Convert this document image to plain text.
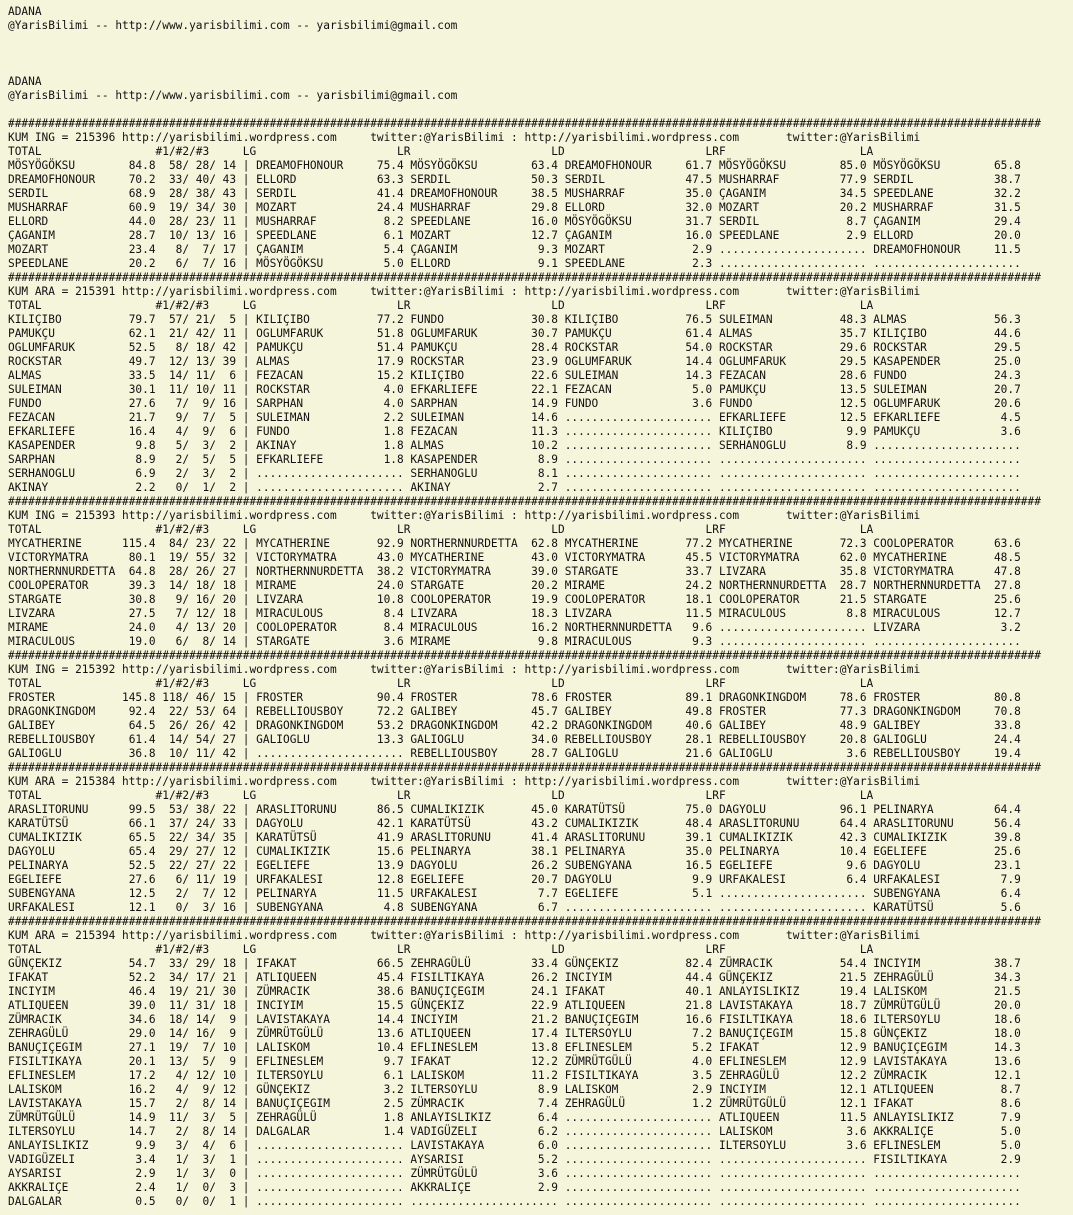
ADANA
@YarisBilimi -- http://www.yarisbilimi.com -- yarisbilimi@gmail.com
ADANA
@YarisBilimi -- http://www.yarisbilimi.com -- yarisbilimi@gmail.com
##########################################################################################################################################################
KUM ING = 215396 http://yarisbilimi.wordpress.com     twitter:@YarisBilimi : http://yarisbilimi.wordpress.com       twitter:@YarisBilimi
TOTAL                 #1/#2/#3     LG                     LR                     LD                     LRF                    LA
MÖSYÖGÖKSU        84.8  58/ 28/ 14 | DREAMOFHONOUR     75.4 MÖSYÖGÖKSU        63.4 DREAMOFHONOUR     61.7 MÖSYÖGÖKSU        85.0 MÖSYÖGÖKSU        65.8
DREAMOFHONOUR     70.2  33/ 40/ 43 | ELLORD            63.3 SERDIL            50.3 SERDIL            47.5 MUSHARRAF         77.9 SERDIL            38.7
SERDIL            68.9  28/ 38/ 43 | SERDIL            41.4 DREAMOFHONOUR     38.5 MUSHARRAF         35.0 ÇAGANIM           34.5 SPEEDLANE         32.2
MUSHARRAF         60.9  19/ 34/ 30 | MOZART            24.4 MUSHARRAF         29.8 ELLORD            32.0 MOZART            20.2 MUSHARRAF         31.5
ELLORD            44.0  28/ 23/ 11 | MUSHARRAF          8.2 SPEEDLANE         16.0 MÖSYÖGÖKSU        31.7 SERDIL             8.7 ÇAGANIM           29.4
ÇAGANIM           28.7  10/ 13/ 16 | SPEEDLANE          6.1 MOZART            12.7 ÇAGANIM           16.0 SPEEDLANE          2.9 ELLORD            20.0
MOZART            23.4   8/  7/ 17 | ÇAGANIM            5.4 ÇAGANIM            9.3 MOZART             2.9 ...................... DREAMOFHONOUR     11.5
SPEEDLANE         20.2   6/  7/ 16 | MÖSYÖGÖKSU         5.0 ELLORD             9.1 SPEEDLANE          2.3 ...................... ......................
##########################################################################################################################################################
KUM ARA = 215391 http://yarisbilimi.wordpress.com     twitter:@YarisBilimi : http://yarisbilimi.wordpress.com       twitter:@YarisBilimi
TOTAL                 #1/#2/#3     LG                     LR                     LD                     LRF                    LA
KILIÇIBO          79.7  57/ 21/  5 | KILIÇIBO          77.2 FUNDO             30.8 KILIÇIBO          76.5 SULEIMAN          48.3 ALMAS             56.3
PAMUKÇU           62.1  21/ 42/ 11 | OGLUMFARUK        51.8 OGLUMFARUK        30.7 PAMUKÇU           61.4 ALMAS             35.7 KILIÇIBO          44.6
OGLUMFARUK        52.5   8/ 18/ 42 | PAMUKÇU           51.4 PAMUKÇU           28.4 ROCKSTAR          54.0 ROCKSTAR          29.6 ROCKSTAR          29.5
ROCKSTAR          49.7  12/ 13/ 39 | ALMAS             17.9 ROCKSTAR          23.9 OGLUMFARUK        14.4 OGLUMFARUK        29.5 KASAPENDER        25.0
ALMAS             33.5  14/ 11/  6 | FEZACAN           15.2 KILIÇIBO          22.6 SULEIMAN          14.3 FEZACAN           28.6 FUNDO             24.3
SULEIMAN          30.1  11/ 10/ 11 | ROCKSTAR           4.0 EFKARLIEFE        22.1 FEZACAN            5.0 PAMUKÇU           13.5 SULEIMAN          20.7
FUNDO             27.6   7/  9/ 16 | SARPHAN            4.0 SARPHAN           14.9 FUNDO              3.6 FUNDO             12.5 OGLUMFARUK        20.6
FEZACAN           21.7   9/  7/  5 | SULEIMAN           2.2 SULEIMAN          14.6 ...................... EFKARLIEFE        12.5 EFKARLIEFE         4.5
EFKARLIEFE        16.4   4/  9/  6 | FUNDO              1.8 FEZACAN           11.3 ...................... KILIÇIBO           9.9 PAMUKÇU            3.6
KASAPENDER         9.8   5/  3/  2 | AKINAY             1.8 ALMAS             10.2 ...................... SERHANOGLU         8.9 ......................
SARPHAN            8.9   2/  5/  5 | EFKARLIEFE         1.8 KASAPENDER         8.9 ...................... ...................... ......................
SERHANOGLU         6.9   2/  3/  2 | ...................... SERHANOGLU         8.1 ...................... ...................... ......................
AKINAY             2.2   0/  1/  2 | ...................... AKINAY             2.7 ...................... ...................... ......................
##########################################################################################################################################################
KUM ING = 215393 http://yarisbilimi.wordpress.com     twitter:@YarisBilimi : http://yarisbilimi.wordpress.com       twitter:@YarisBilimi
TOTAL                 #1/#2/#3     LG                     LR                     LD                     LRF                    LA
MYCATHERINE      115.4  84/ 23/ 22 | MYCATHERINE       92.9 NORTHERNNURDETTA  62.8 MYCATHERINE       77.2 MYCATHERINE       72.3 COOLOPERATOR      63.6
VICTORYMATRA      80.1  19/ 55/ 32 | VICTORYMATRA      43.0 MYCATHERINE       43.0 VICTORYMATRA      45.5 VICTORYMATRA      62.0 MYCATHERINE       48.5
NORTHERNNURDETTA  64.8  28/ 26/ 27 | NORTHERNNURDETTA  38.2 VICTORYMATRA      39.0 STARGATE          33.7 LIVZARA           35.8 VICTORYMATRA      47.8
COOLOPERATOR      39.3  14/ 18/ 18 | MIRAME            24.0 STARGATE          20.2 MIRAME            24.2 NORTHERNNURDETTA  28.7 NORTHERNNURDETTA  27.8
STARGATE          30.8   9/ 16/ 20 | LIVZARA           10.8 COOLOPERATOR      19.9 COOLOPERATOR      18.1 COOLOPERATOR      21.5 STARGATE          25.6
LIVZARA           27.5   7/ 12/ 18 | MIRACULOUS         8.4 LIVZARA           18.3 LIVZARA           11.5 MIRACULOUS         8.8 MIRACULOUS        12.7
MIRAME            24.0   4/ 13/ 20 | COOLOPERATOR       8.4 MIRACULOUS        16.2 NORTHERNNURDETTA   9.6 ...................... LIVZARA            3.2
MIRACULOUS        19.0   6/  8/ 14 | STARGATE           3.6 MIRAME             9.8 MIRACULOUS         9.3 ...................... ......................
##########################################################################################################################################################
KUM ING = 215392 http://yarisbilimi.wordpress.com     twitter:@YarisBilimi : http://yarisbilimi.wordpress.com       twitter:@YarisBilimi
TOTAL                 #1/#2/#3     LG                     LR                     LD                     LRF                    LA
FROSTER          145.8 118/ 46/ 15 | FROSTER           90.4 FROSTER           78.6 FROSTER           89.1 DRAGONKINGDOM     78.6 FROSTER           80.8
DRAGONKINGDOM     92.4  22/ 53/ 64 | REBELLIOUSBOY     72.2 GALIBEY           45.7 GALIBEY           49.8 FROSTER           77.3 DRAGONKINGDOM     70.8
GALIBEY           64.5  26/ 26/ 42 | DRAGONKINGDOM     53.2 DRAGONKINGDOM     42.2 DRAGONKINGDOM     40.6 GALIBEY           48.9 GALIBEY           33.8
REBELLIOUSBOY     61.4  14/ 54/ 27 | GALIOGLU          13.3 GALIOGLU          34.0 REBELLIOUSBOY     28.1 REBELLIOUSBOY     20.8 GALIOGLU          24.4
GALIOGLU          36.8  10/ 11/ 42 | ...................... REBELLIOUSBOY     28.7 GALIOGLU          21.6 GALIOGLU           3.6 REBELLIOUSBOY     19.4
##########################################################################################################################################################
KUM ARA = 215384 http://yarisbilimi.wordpress.com     twitter:@YarisBilimi : http://yarisbilimi.wordpress.com       twitter:@YarisBilimi
TOTAL                 #1/#2/#3     LG                     LR                     LD                     LRF                    LA
ARASLITORUNU      99.5  53/ 38/ 22 | ARASLITORUNU      86.5 CUMALIKIZIK       45.0 KARATÜTSÜ         75.0 DAGYOLU           96.1 PELINARYA         64.4
KARATÜTSÜ         66.1  37/ 24/ 33 | DAGYOLU           42.1 KARATÜTSÜ         43.2 CUMALIKIZIK       48.4 ARASLITORUNU      64.4 ARASLITORUNU      56.4
CUMALIKIZIK       65.5  22/ 34/ 35 | KARATÜTSÜ         41.9 ARASLITORUNU      41.4 ARASLITORUNU      39.1 CUMALIKIZIK       42.3 CUMALIKIZIK       39.8
DAGYOLU           65.4  29/ 27/ 12 | CUMALIKIZIK       15.6 PELINARYA         38.1 PELINARYA         35.0 PELINARYA         10.4 EGELIEFE          25.6
PELINARYA         52.5  22/ 27/ 22 | EGELIEFE          13.9 DAGYOLU           26.2 SUBENGYANA        16.5 EGELIEFE           9.6 DAGYOLU           23.1
EGELIEFE          27.6   6/ 11/ 19 | URFAKALESI        12.8 EGELIEFE          20.7 DAGYOLU            9.9 URFAKALESI         6.4 URFAKALESI         7.9
SUBENGYANA        12.5   2/  7/ 12 | PELINARYA         11.5 URFAKALESI         7.7 EGELIEFE           5.1 ...................... SUBENGYANA         6.4
URFAKALESI        12.1   0/  3/ 16 | SUBENGYANA         4.8 SUBENGYANA         6.7 ...................... ...................... KARATÜTSÜ          5.6
##########################################################################################################################################################
KUM ARA = 215394 http://yarisbilimi.wordpress.com     twitter:@YarisBilimi : http://yarisbilimi.wordpress.com       twitter:@YarisBilimi
TOTAL                 #1/#2/#3     LG                     LR                     LD                     LRF                    LA
GÜNÇEKIZ          54.7  33/ 29/ 18 | IFAKAT            66.5 ZEHRAGÜLÜ         33.4 GÜNÇEKIZ          82.4 ZÜMRACIK          54.4 INCIYIM           38.7
IFAKAT            52.2  34/ 17/ 21 | ATLIQUEEN         45.4 FISILTIKAYA       26.2 INCIYIM           44.4 GÜNÇEKIZ          21.5 ZEHRAGÜLÜ         34.3
INCIYIM           46.4  19/ 21/ 30 | ZÜMRACIK          38.6 BANUÇIÇEGIM       24.1 IFAKAT            40.1 ANLAYISLIKIZ      19.4 LALISKOM          21.5
ATLIQUEEN         39.0  11/ 31/ 18 | INCIYIM           15.5 GÜNÇEKIZ          22.9 ATLIQUEEN         21.8 LAVISTAKAYA       18.7 ZÜMRÜTGÜLÜ        20.0
ZÜMRACIK          34.6  18/ 14/  9 | LAVISTAKAYA       14.4 INCIYIM           21.2 BANUÇIÇEGIM       16.6 FISILTIKAYA       18.6 ILTERSOYLU        18.6
ZEHRAGÜLÜ         29.0  14/ 16/  9 | ZÜMRÜTGÜLÜ        13.6 ATLIQUEEN         17.4 ILTERSOYLU         7.2 BANUÇIÇEGIM       15.8 GÜNÇEKIZ          18.0
BANUÇIÇEGIM       27.1  19/  7/ 10 | LALISKOM          10.4 EFLINESLEM        13.8 EFLINESLEM         5.2 IFAKAT            12.9 BANUÇIÇEGIM       14.3
FISILTIKAYA       20.1  13/  5/  9 | EFLINESLEM         9.7 IFAKAT            12.2 ZÜMRÜTGÜLÜ         4.0 EFLINESLEM        12.9 LAVISTAKAYA       13.6
EFLINESLEM        17.2   4/ 12/ 10 | ILTERSOYLU         6.1 LALISKOM          11.2 FISILTIKAYA        3.5 ZEHRAGÜLÜ         12.2 ZÜMRACIK          12.1
LALISKOM          16.2   4/  9/ 12 | GÜNÇEKIZ           3.2 ILTERSOYLU         8.9 LALISKOM           2.9 INCIYIM           12.1 ATLIQUEEN          8.7
LAVISTAKAYA       15.7   2/  8/ 14 | BANUÇIÇEGIM        2.5 ZÜMRACIK           7.4 ZEHRAGÜLÜ          1.2 ZÜMRÜTGÜLÜ        12.1 IFAKAT             8.6
ZÜMRÜTGÜLÜ        14.9  11/  3/  5 | ZEHRAGÜLÜ          1.8 ANLAYISLIKIZ       6.4 ...................... ATLIQUEEN         11.5 ANLAYISLIKIZ       7.9
ILTERSOYLU        14.7   2/  8/ 14 | DALGALAR           1.4 VADIGÜZELI         6.2 ...................... LALISKOM           3.6 AKKRALIÇE          5.0
ANLAYISLIKIZ       9.9   3/  4/  6 | ...................... LAVISTAKAYA        6.0 ...................... ILTERSOYLU         3.6 EFLINESLEM         5.0
VADIGÜZELI         3.4   1/  3/  1 | ...................... AYSARISI           5.2 ...................... ...................... FISILTIKAYA        2.9
AYSARISI           2.9   1/  3/  0 | ...................... ZÜMRÜTGÜLÜ         3.6 ...................... ...................... ......................
AKKRALIÇE          2.4   1/  0/  3 | ...................... AKKRALIÇE          2.9 ...................... ...................... ......................
DALGALAR           0.5   0/  0/  1 | ...................... ...................... ...................... ...................... ......................
